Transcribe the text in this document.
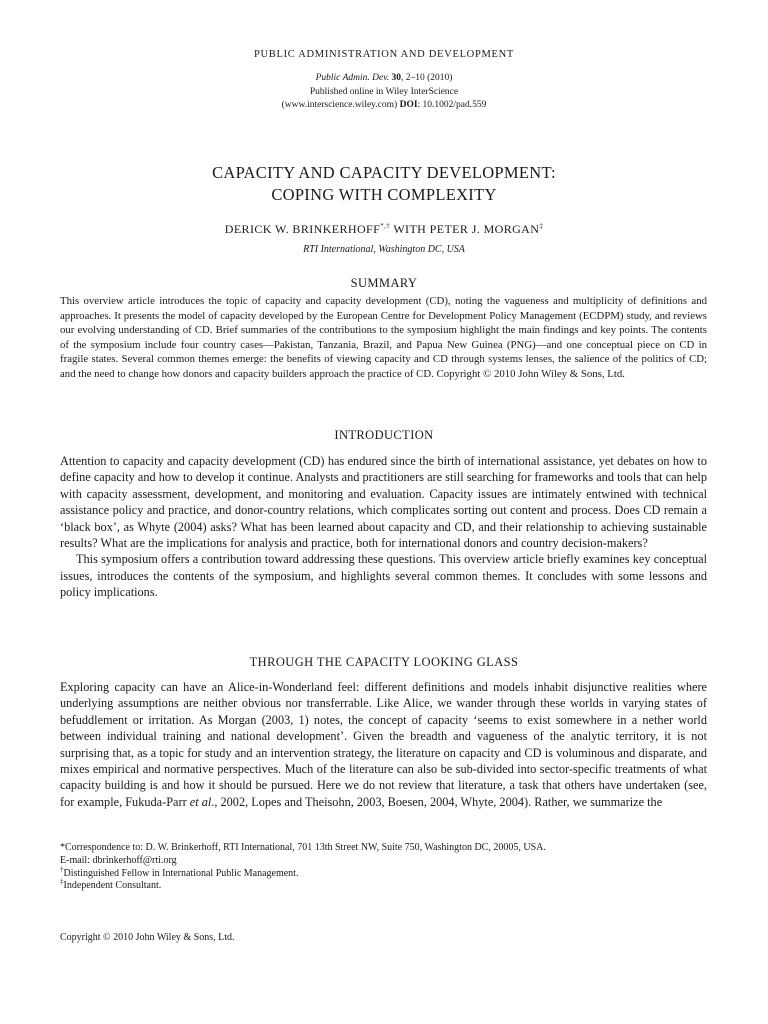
PUBLIC ADMINISTRATION AND DEVELOPMENT
Public Admin. Dev. 30, 2–10 (2010)
Published online in Wiley InterScience
(www.interscience.wiley.com) DOI: 10.1002/pad.559
CAPACITY AND CAPACITY DEVELOPMENT:
COPING WITH COMPLEXITY
DERICK W. BRINKERHOFF*,† WITH PETER J. MORGAN‡
RTI International, Washington DC, USA
SUMMARY
This overview article introduces the topic of capacity and capacity development (CD), noting the vagueness and multiplicity of definitions and approaches. It presents the model of capacity developed by the European Centre for Development Policy Management (ECDPM) study, and reviews our evolving understanding of CD. Brief summaries of the contributions to the symposium highlight the main findings and key points. The contents of the symposium include four country cases—Pakistan, Tanzania, Brazil, and Papua New Guinea (PNG)—and one conceptual piece on CD in fragile states. Several common themes emerge: the benefits of viewing capacity and CD through systems lenses, the salience of the politics of CD; and the need to change how donors and capacity builders approach the practice of CD. Copyright © 2010 John Wiley & Sons, Ltd.
INTRODUCTION

Attention to capacity and capacity development (CD) has endured since the birth of international assistance, yet debates on how to define capacity and how to develop it continue. Analysts and practitioners are still searching for frameworks and tools that can help with capacity assessment, development, and monitoring and evaluation. Capacity issues are intimately entwined with technical assistance policy and practice, and donor-country relations, which complicates sorting out content and process. Does CD remain a ‘black box’, as Whyte (2004) asks? What has been learned about capacity and CD, and their relationship to achieving sustainable results? What are the implications for analysis and practice, both for international donors and country decision-makers?

This symposium offers a contribution toward addressing these questions. This overview article briefly examines key conceptual issues, introduces the contents of the symposium, and highlights several common themes. It concludes with some lessons and policy implications.

THROUGH THE CAPACITY LOOKING GLASS

Exploring capacity can have an Alice-in-Wonderland feel: different definitions and models inhabit disjunctive realities where underlying assumptions are neither obvious nor transferrable. Like Alice, we wander through these worlds in varying states of befuddlement or irritation. As Morgan (2003, 1) notes, the concept of capacity ‘seems to exist somewhere in a nether world between individual training and national development’. Given the breadth and vagueness of the analytic territory, it is not surprising that, as a topic for study and an intervention strategy, the literature on capacity and CD is voluminous and disparate, and mixes empirical and normative perspectives. Much of the literature can also be sub-divided into sector-specific treatments of what capacity building is and how it should be pursued. Here we do not review that literature, a task that others have undertaken (see, for example, Fukuda-Parr et al., 2002, Lopes and Theisohn, 2003, Boesen, 2004, Whyte, 2004). Rather, we summarize the

*Correspondence to: D. W. Brinkerhoff, RTI International, 701 13th Street NW, Suite 750, Washington DC, 20005, USA.
E-mail: dbrinkerhoff@rti.org
†Distinguished Fellow in International Public Management.
‡Independent Consultant.
Copyright © 2010 John Wiley & Sons, Ltd.
